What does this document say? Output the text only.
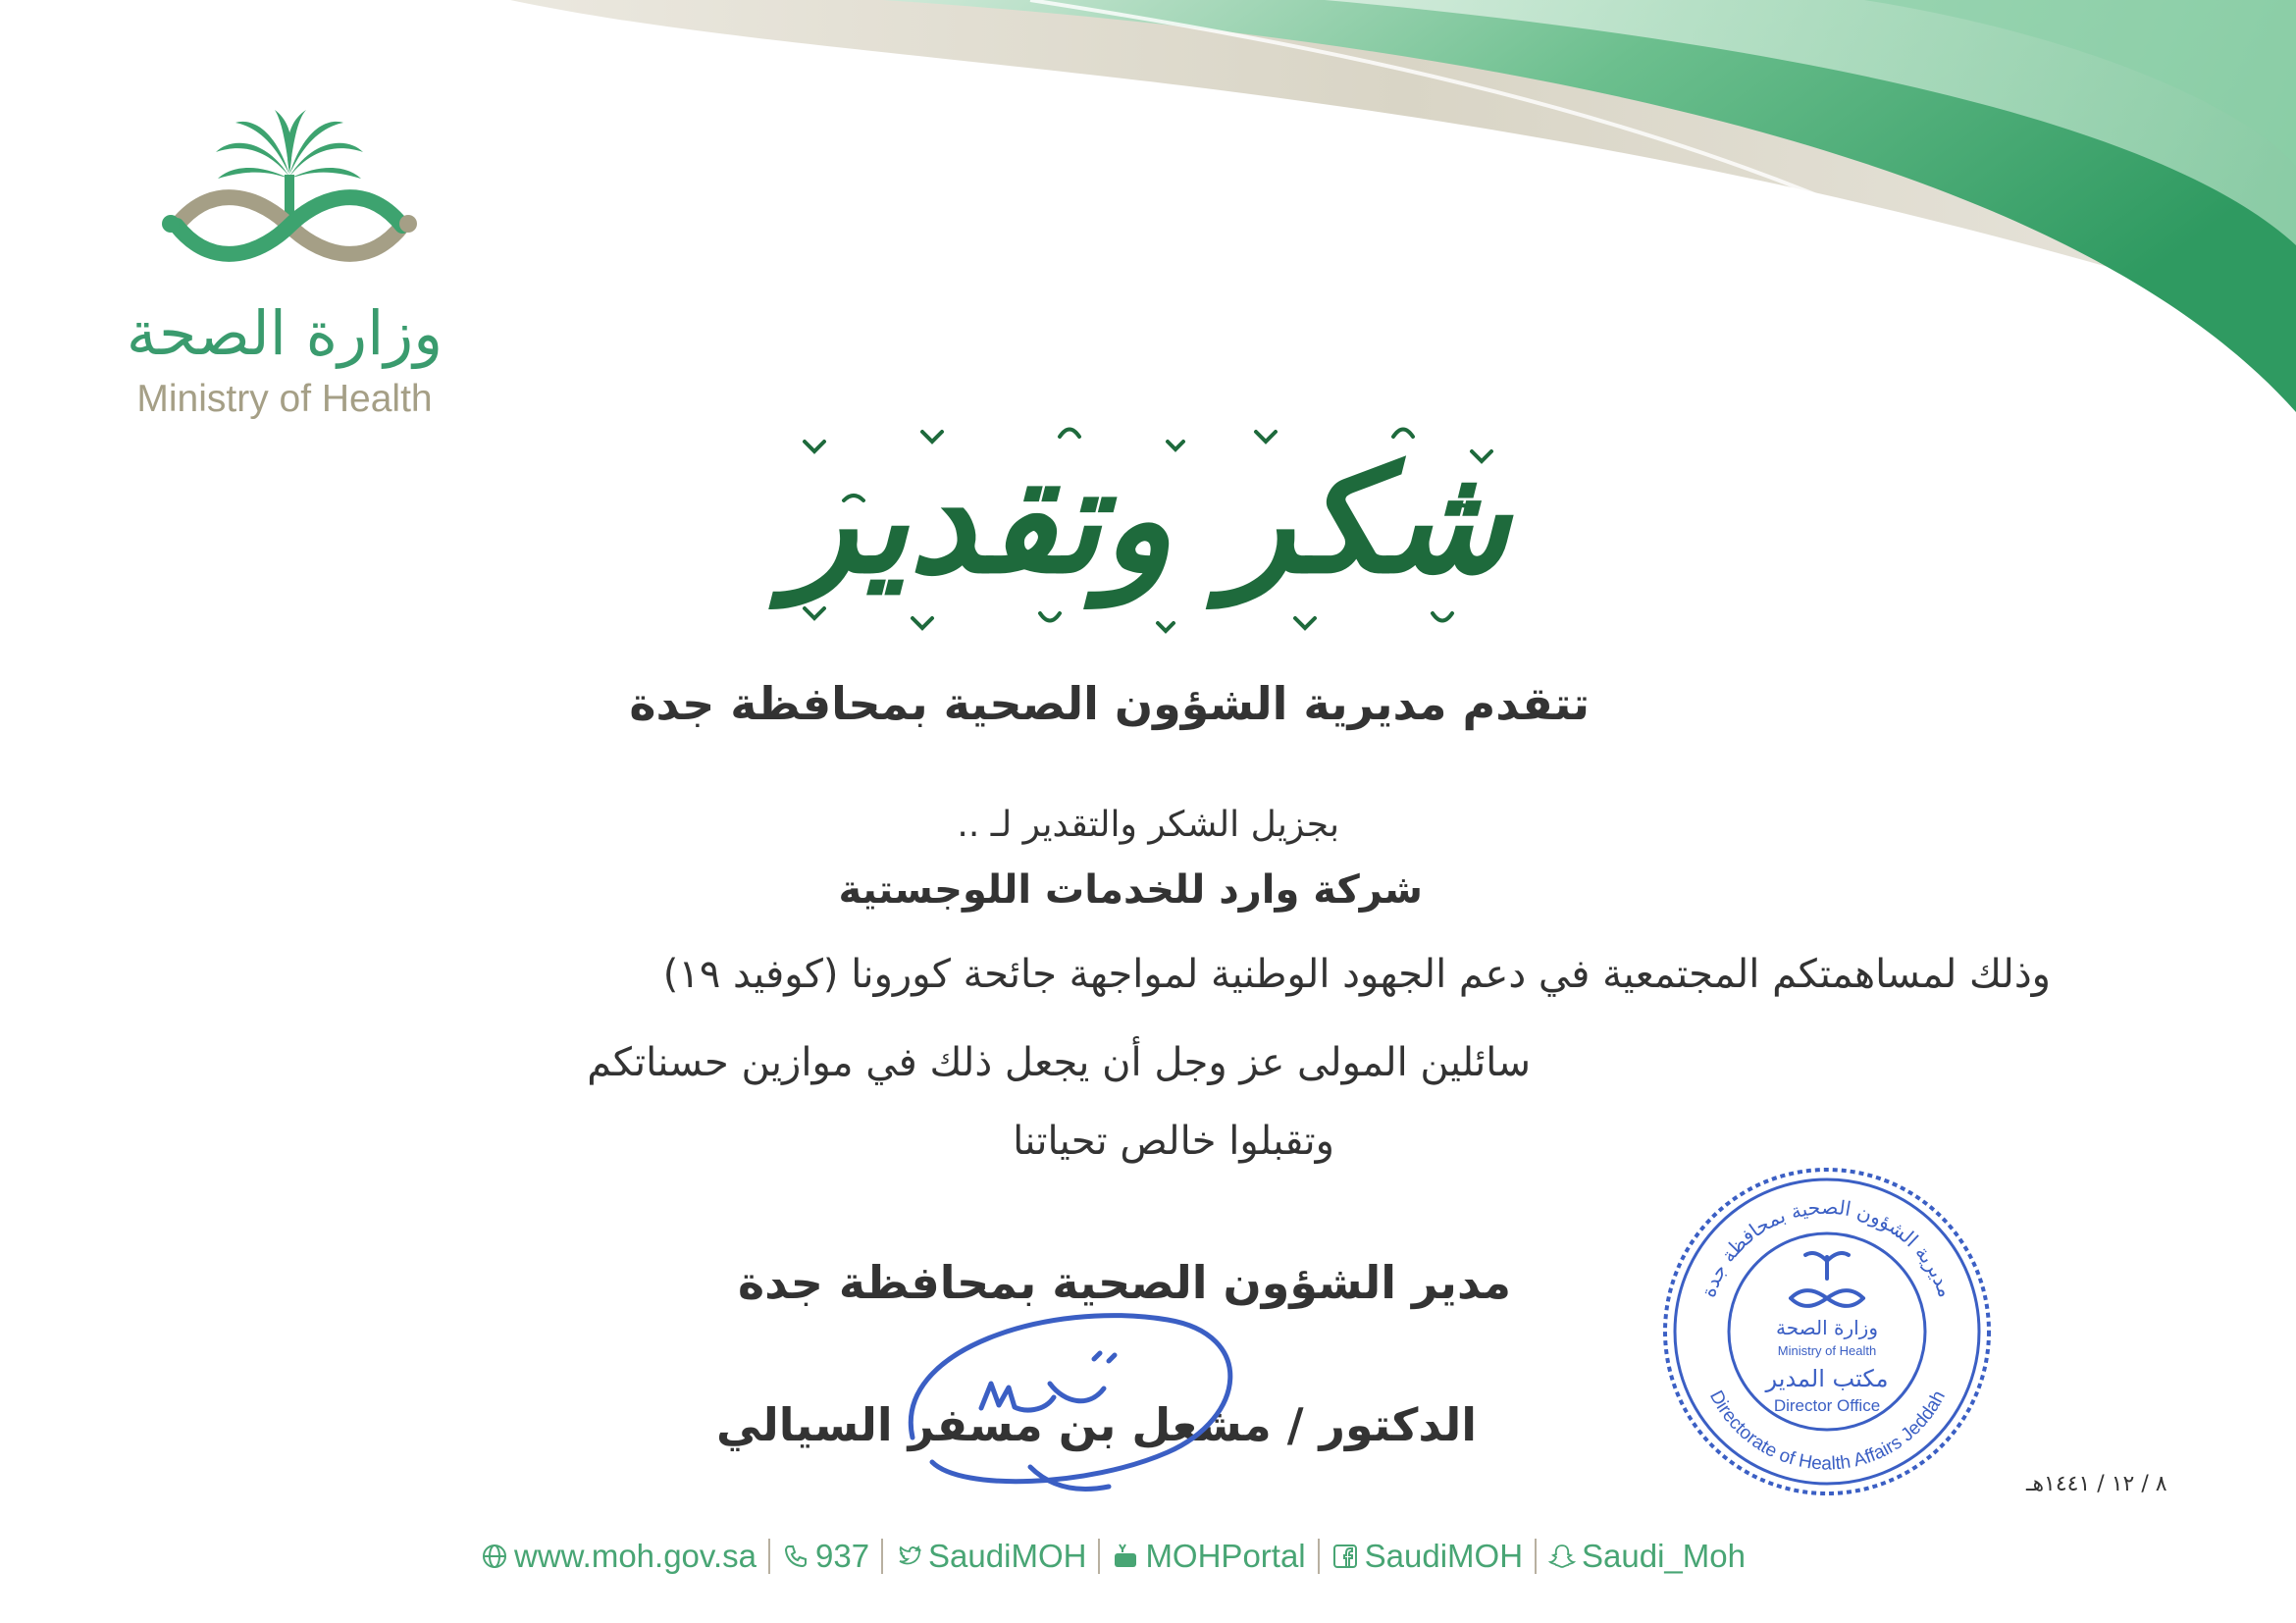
وزارة الصحة
Ministry of Health
شكر وتقدير
تتقدم مديرية الشؤون الصحية بمحافظة جدة
بجزيل الشكر والتقدير لـ ..
شركة وارد للخدمات اللوجستية
وذلك لمساهمتكم المجتمعية في دعم الجهود الوطنية لمواجهة جائحة كورونا (كوفيد ١٩)
سائلين المولى عز وجل أن يجعل ذلك في موازين حسناتكم
وتقبلوا خالص تحياتنا
مدير الشؤون الصحية بمحافظة جدة
الدكتور / مشعل بن مسفر السيالي
مديرية الشؤون الصحية بمحافظة جدة
Directorate of Health Affairs Jeddah
وزارة الصحة
Ministry of Health
مكتب المدير
Director Office
٨ / ١٢ / ١٤٤١هـ
www.moh.gov.sa 937 SaudiMOH MOHPortal SaudiMOH Saudi_Moh
